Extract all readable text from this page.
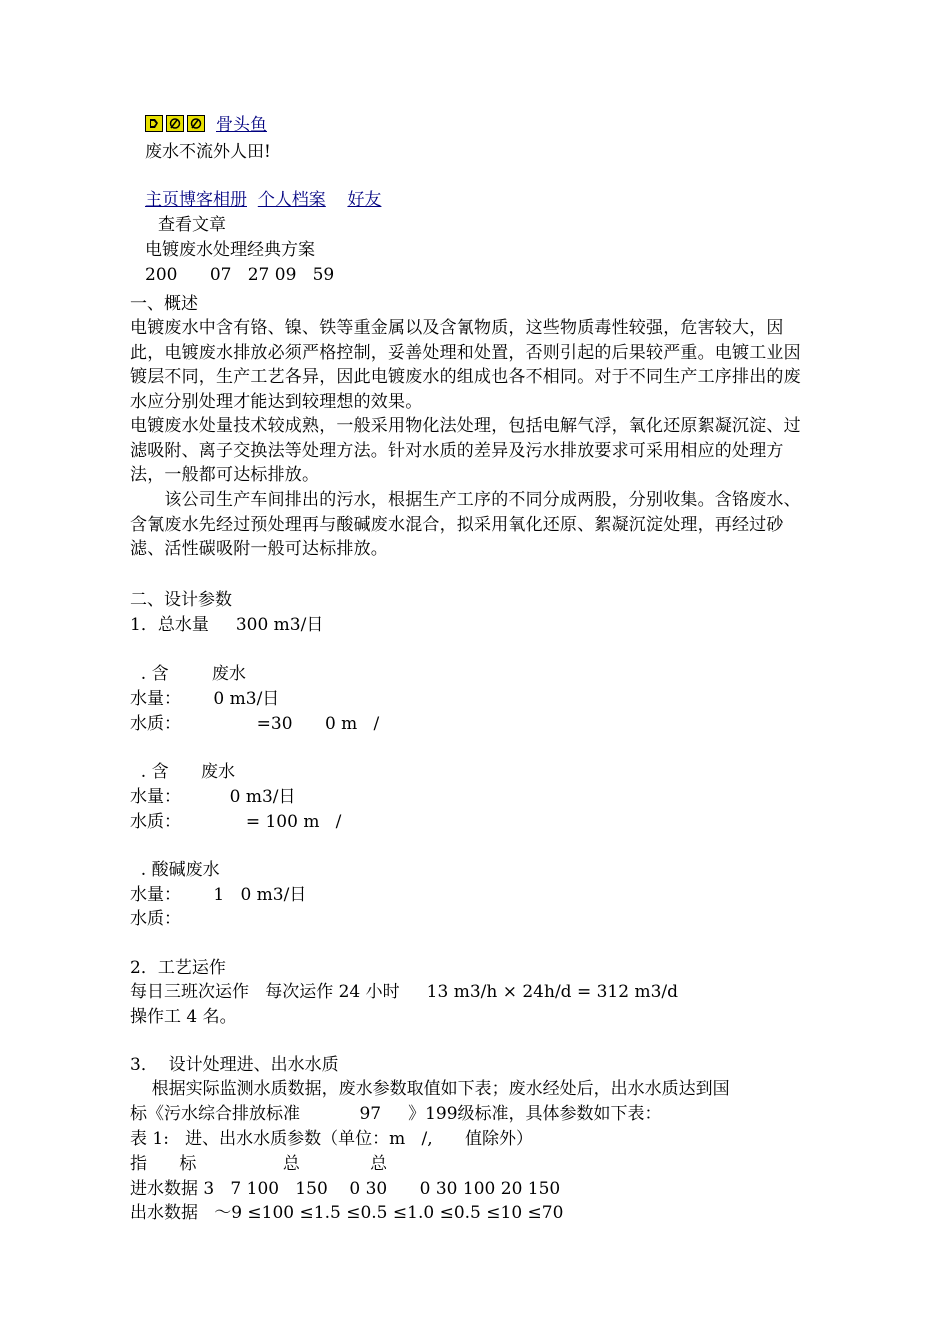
骨头鱼
废水不流外人田!
主页博客相册
个人档案
好友
查看文章
电镀废水处理经典方案
200      07   27 09   59
一、概述
电镀废水中含有铬、镍、铁等重金属以及含氰物质，这些物质毒性较强，危害较大，因此，电镀废水排放必须严格控制，妥善处理和处置，否则引起的后果较严重。电镀工业因镀层不同，生产工艺各异，因此电镀废水的组成也各不相同。对于不同生产工序排出的废水应分别处理才能达到较理想的效果。
电镀废水处量技术较成熟，一般采用物化法处理，包括电解气浮，氧化还原絮凝沉淀、过滤吸附、离子交换法等处理方法。针对水质的差异及污水排放要求可采用相应的处理方法，一般都可达标排放。
　　该公司生产车间排出的污水，根据生产工序的不同分成两股，分别收集。含铬废水、含氰废水先经过预处理再与酸碱废水混合，拟采用氧化还原、絮凝沉淀处理，再经过砂滤、活性碳吸附一般可达标排放。
二、设计参数
1．总水量     300 m3/日
. 含        废水
水量：      0 m3/日
水质：              =30      0 m   /
. 含      废水
水量：         0 m3/日
水质：            = 100 m   /
. 酸碱废水
水量：      1   0 m3/日
水质：
2．工艺运作
每日三班次运作   每次运作 24 小时     13 m3/h × 24h/d = 312 m3/d
操作工 4 名。
3．  设计处理进、出水水质
根据实际监测水质数据，废水参数取值如下表；废水经处后，出水水质达到国
标《污水综合排放标准           97     》199级标准，具体参数如下表：
表 1:   进、出水水质参数（单位：m   /,      值除外）
指      标                总             总
进水数据 3   7 100   150    0 30      0 30 100 20 150
出水数据   ～9 ≤100 ≤1.5 ≤0.5 ≤1.0 ≤0.5 ≤10 ≤70
